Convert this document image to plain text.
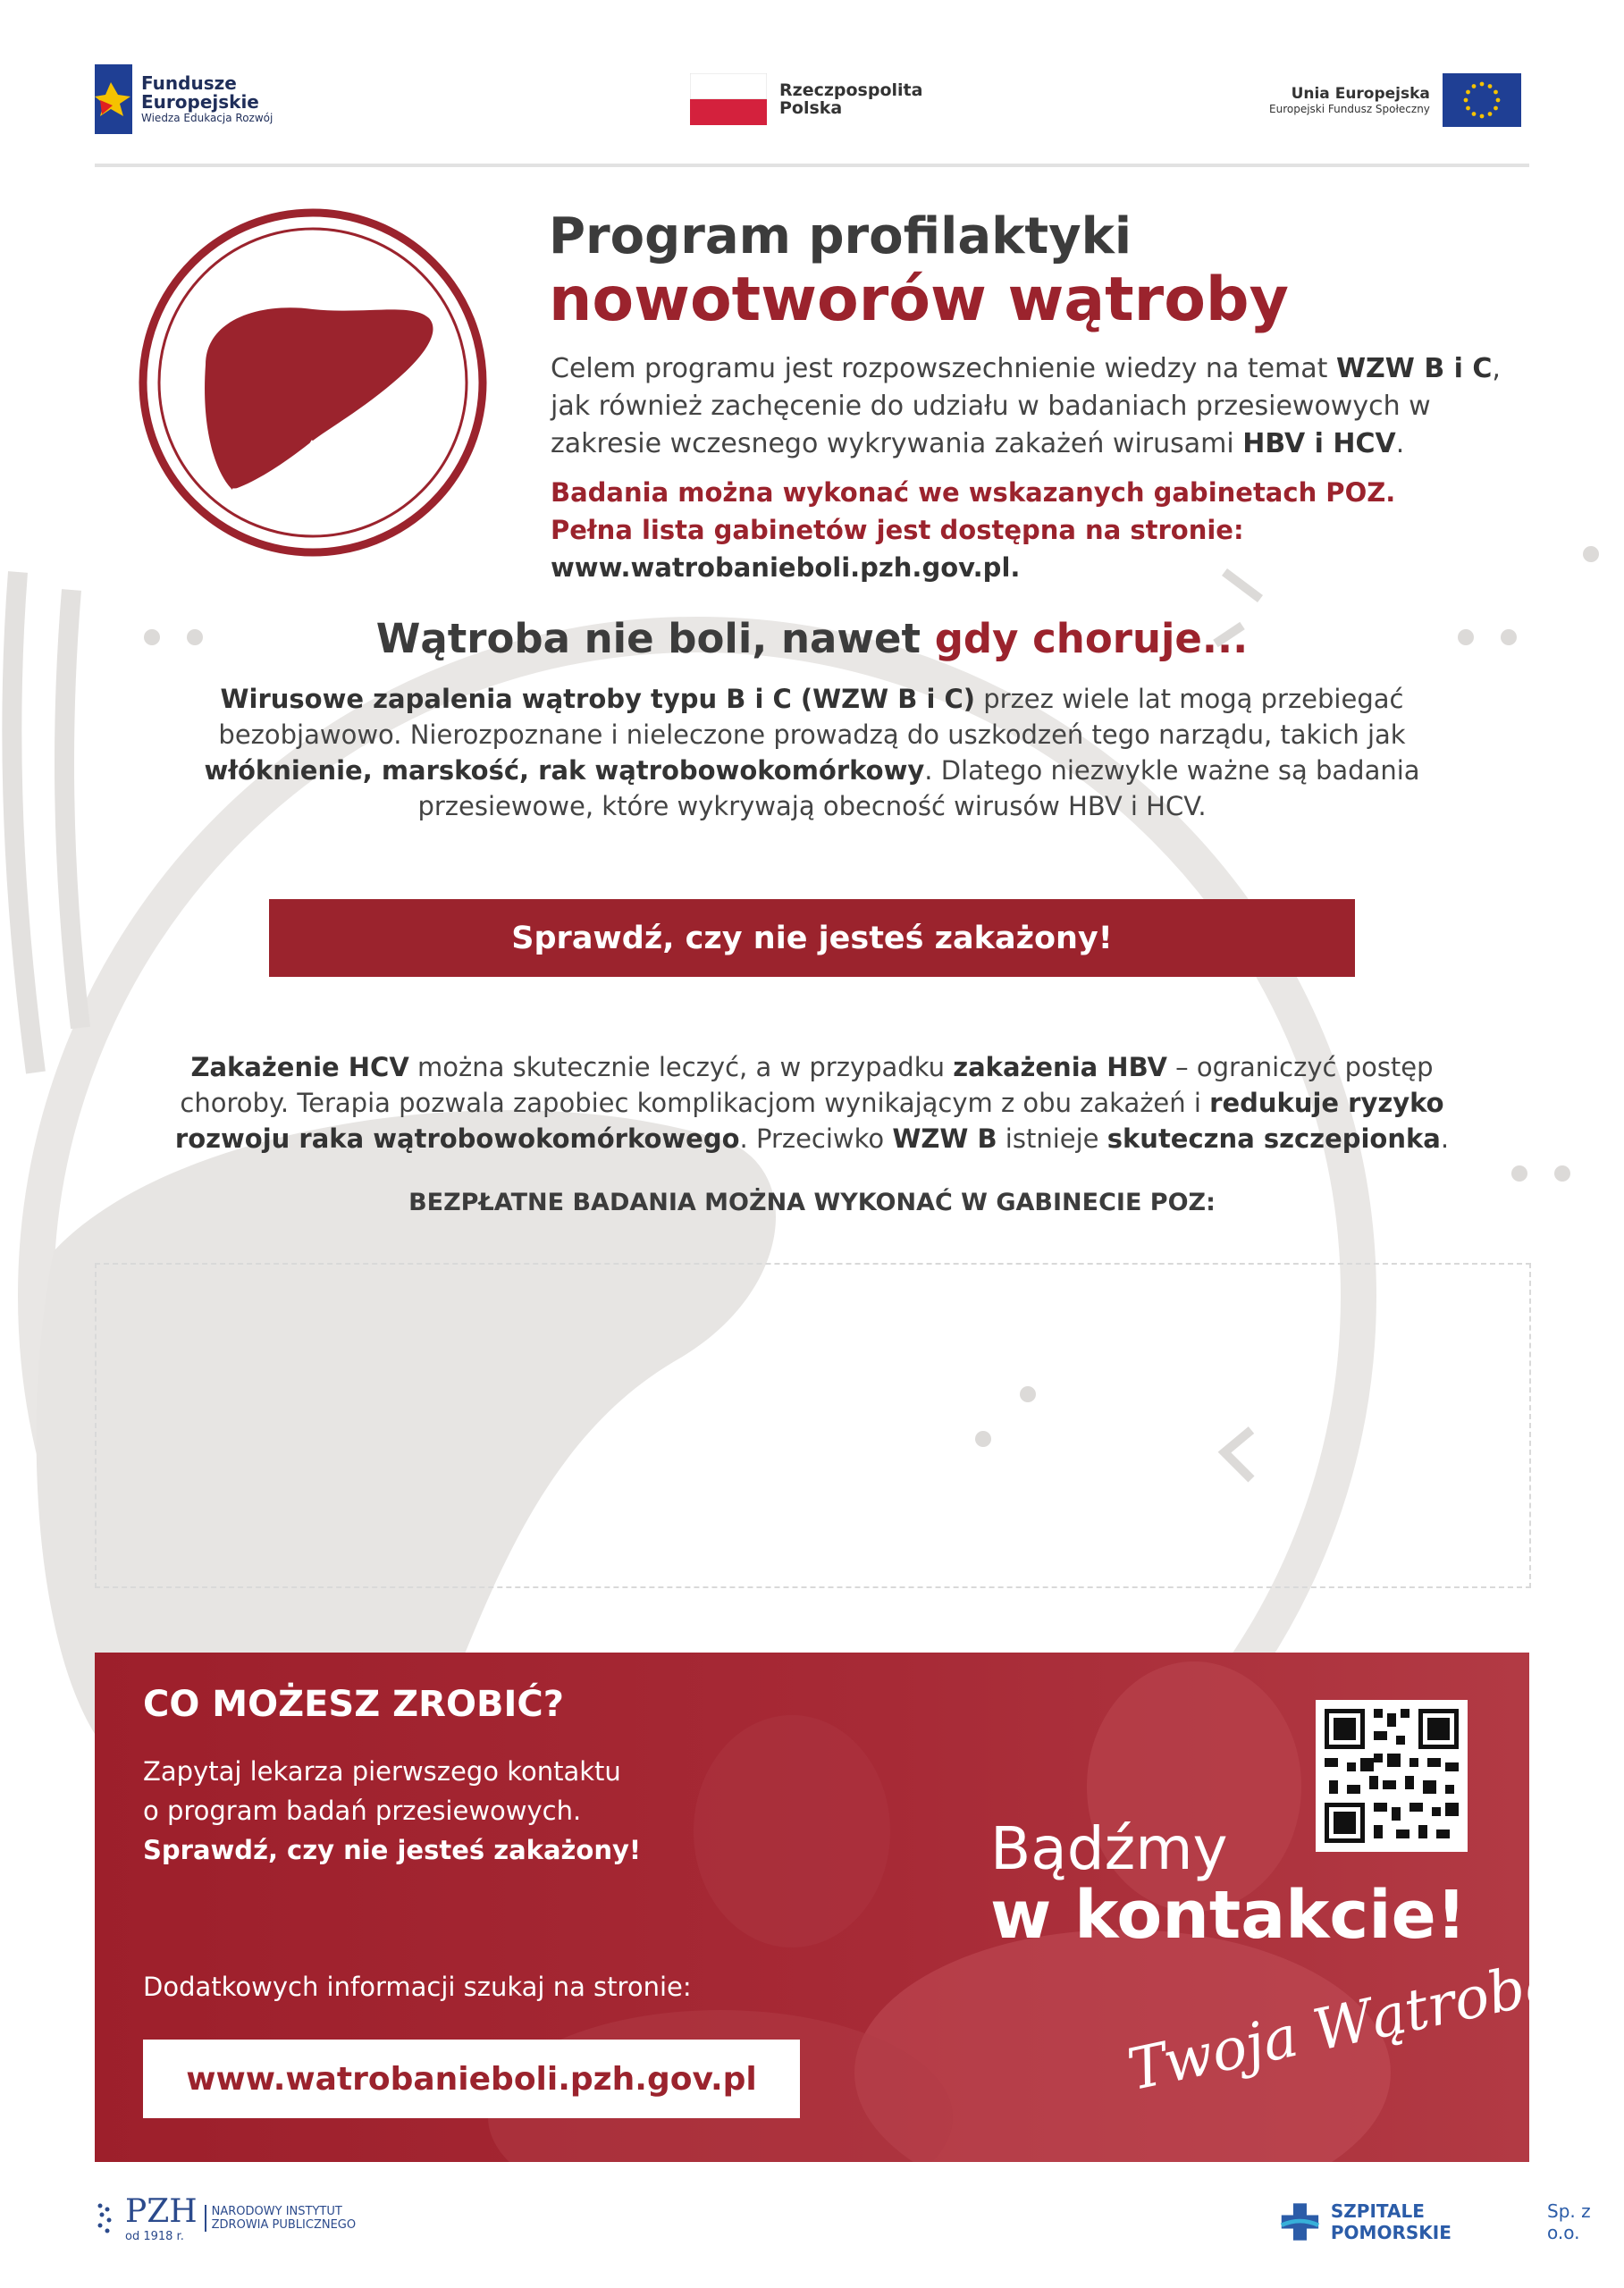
Fundusze
Europejskie
Wiedza Edukacja Rozwój
Rzeczpospolita
Polska
Unia Europejska
Europejski Fundusz Społeczny
Program profilaktyki
nowotworów wątroby
Celem programu jest rozpowszechnienie wiedzy na temat WZW B i C, jak również zachęcenie do udziału w badaniach przesiewowych w zakresie wczesnego wykrywania zakażeń wirusami HBV i HCV.
Badania można wykonać we wskazanych gabinetach POZ.
Pełna lista gabinetów jest dostępna na stronie:
www.watrobanieboli.pzh.gov.pl.
Wątroba nie boli, nawet gdy choruje...
Wirusowe zapalenia wątroby typu B i C (WZW B i C) przez wiele lat mogą przebiegać bezobjawowo. Nierozpoznane i nieleczone prowadzą do uszkodzeń tego narządu, takich jak włóknienie, marskość, rak wątrobowokomórkowy. Dlatego niezwykle ważne są badania przesiewowe, które wykrywają obecność wirusów HBV i HCV.
Sprawdź, czy nie jesteś zakażony!
Zakażenie HCV można skutecznie leczyć, a w przypadku zakażenia HBV – ograniczyć postęp choroby. Terapia pozwala zapobiec komplikacjom wynikającym z obu zakażeń i redukuje ryzyko rozwoju raka wątrobowokomórkowego. Przeciwko WZW B istnieje skuteczna szczepionka.
BEZPŁATNE BADANIA MOŻNA WYKONAĆ W GABINECIE POZ:
CO MOŻESZ ZROBIĆ?
Zapytaj lekarza pierwszego kontaktu
o program badań przesiewowych.
Sprawdź, czy nie jesteś zakażony!
Dodatkowych informacji szukaj na stronie:
www.watrobanieboli.pzh.gov.pl
Bądźmy
w kontakcie!
Twoja Wątroba
PZH
od 1918 r.
NARODOWY INSTYTUT
ZDROWIA PUBLICZNEGO
SZPITALE POMORSKIE
Sp. z o.o.
